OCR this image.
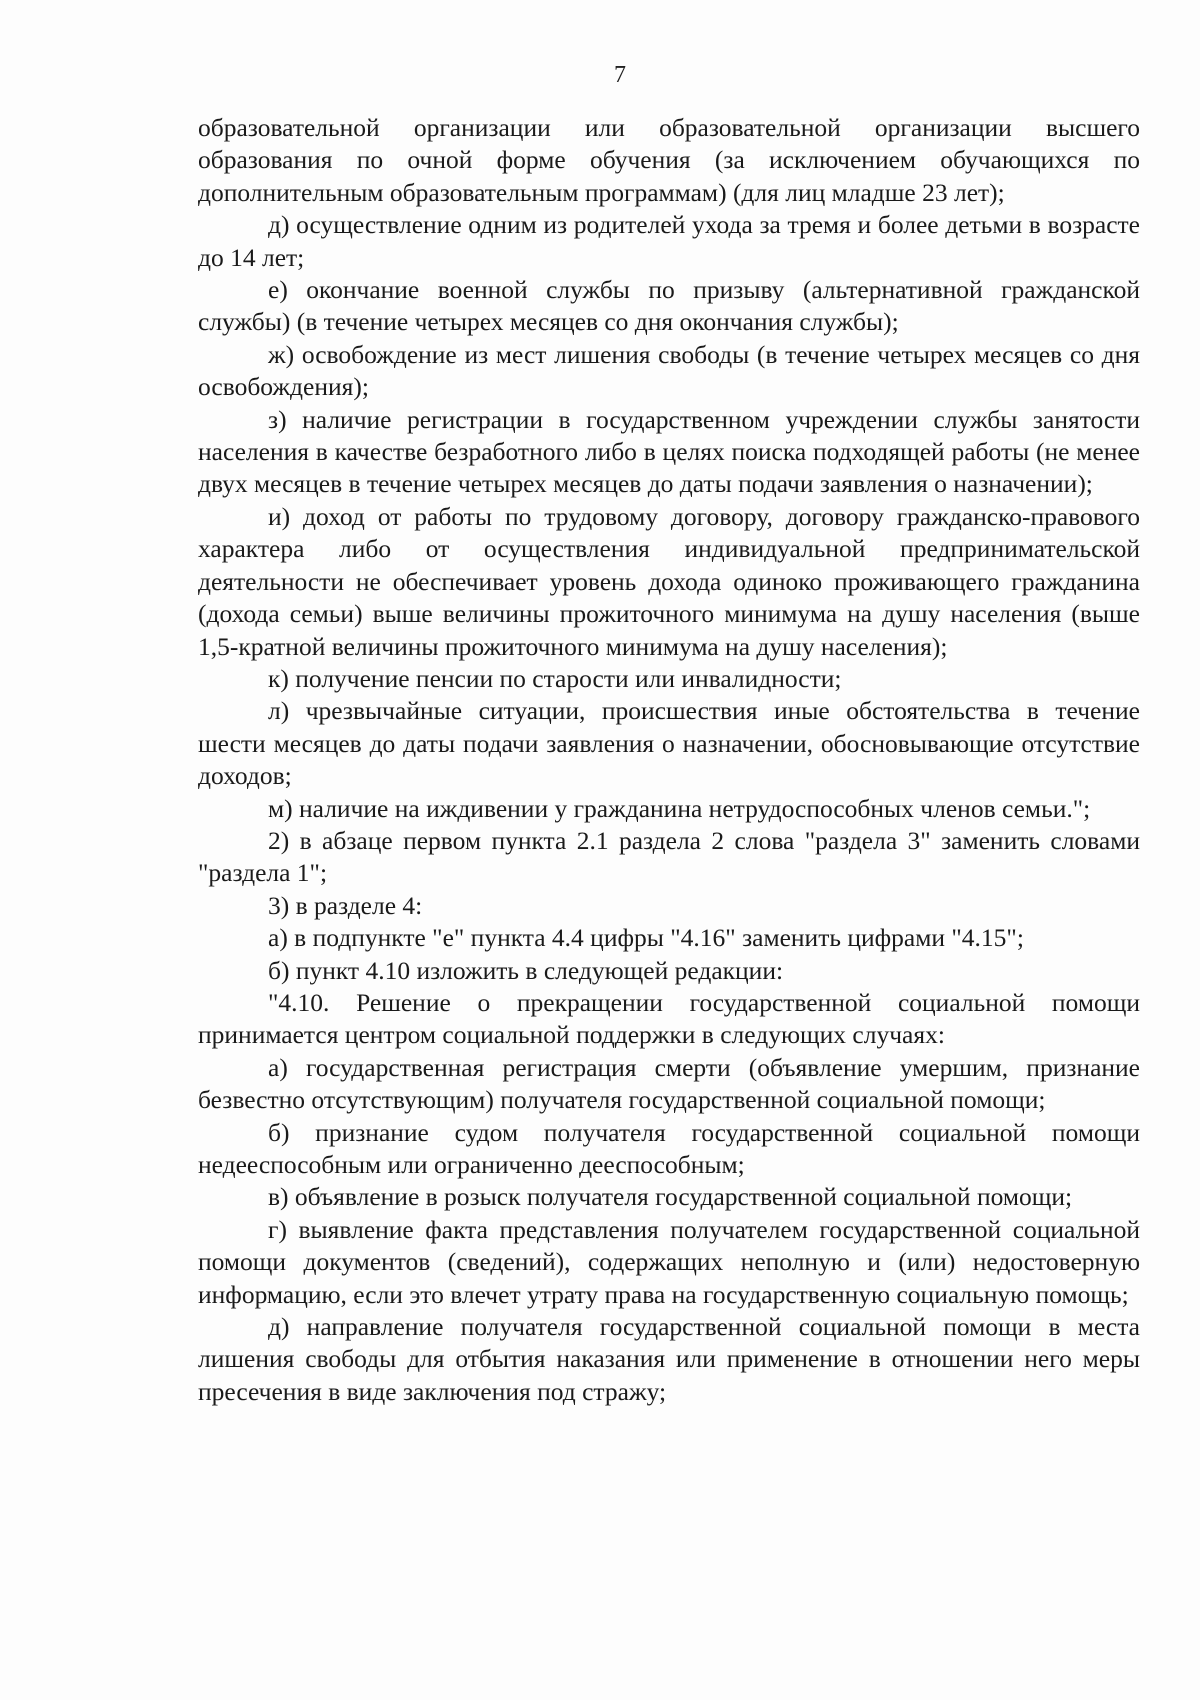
7

образовательной организации или образовательной организации высшего образования по очной форме обучения (за исключением обучающихся по дополнительным образовательным программам) (для лиц младше 23 лет);

д) осуществление одним из родителей ухода за тремя и более детьми в возрасте до 14 лет;

е) окончание военной службы по призыву (альтернативной гражданской службы) (в течение четырех месяцев со дня окончания службы);

ж) освобождение из мест лишения свободы (в течение четырех месяцев со дня освобождения);

з) наличие регистрации в государственном учреждении службы занятости населения в качестве безработного либо в целях поиска подходящей работы (не менее двух месяцев в течение четырех месяцев до даты подачи заявления о назначении);

и) доход от работы по трудовому договору, договору гражданско-правового характера либо от осуществления индивидуальной предпринимательской деятельности не обеспечивает уровень дохода одиноко проживающего гражданина (дохода семьи) выше величины прожиточного минимума на душу населения (выше 1,5-кратной величины прожиточного минимума на душу населения);

к) получение пенсии по старости или инвалидности;

л) чрезвычайные ситуации, происшествия иные обстоятельства в течение шести месяцев до даты подачи заявления о назначении, обосновывающие отсутствие доходов;

м) наличие на иждивении у гражданина нетрудоспособных членов семьи.";

2) в абзаце первом пункта 2.1 раздела 2 слова "раздела 3" заменить словами "раздела 1";

3) в разделе 4:

а) в подпункте "е" пункта 4.4 цифры "4.16" заменить цифрами "4.15";

б) пункт 4.10 изложить в следующей редакции:

"4.10. Решение о прекращении государственной социальной помощи принимается центром социальной поддержки в следующих случаях:

а) государственная регистрация смерти (объявление умершим, признание безвестно отсутствующим) получателя государственной социальной помощи;

б) признание судом получателя государственной социальной помощи недееспособным или ограниченно дееспособным;

в) объявление в розыск получателя государственной социальной помощи;

г) выявление факта представления получателем государственной социальной помощи документов (сведений), содержащих неполную и (или) недостоверную информацию, если это влечет утрату права на государственную социальную помощь;

д) направление получателя государственной социальной помощи в места лишения свободы для отбытия наказания или применение в отношении него меры пресечения в виде заключения под стражу;
